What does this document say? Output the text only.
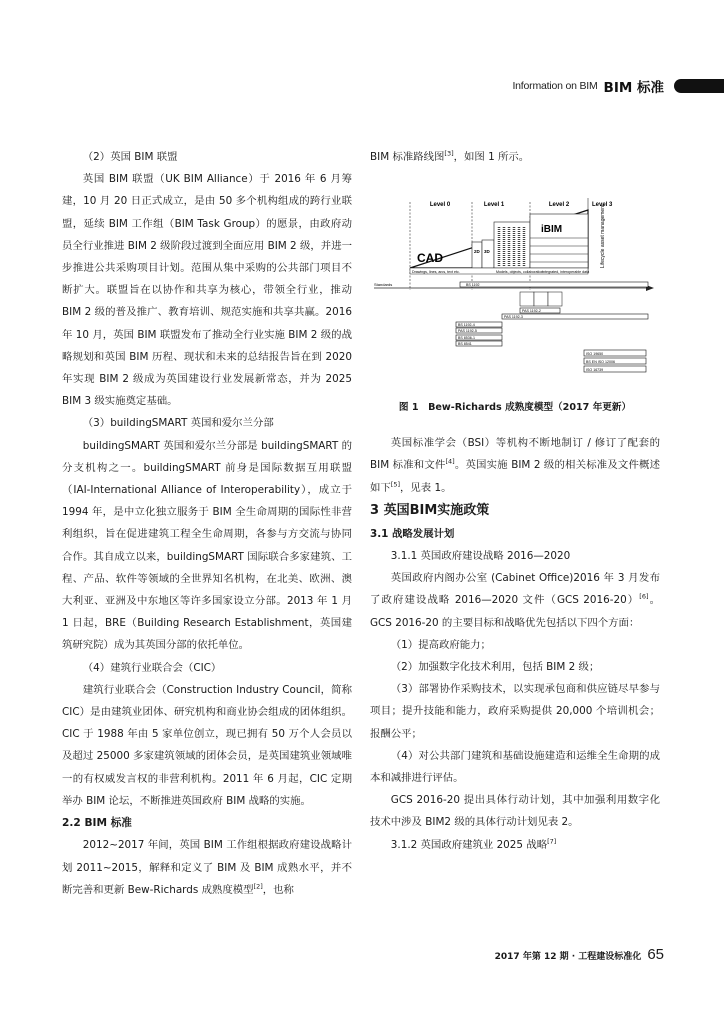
Information on BIM BIM 标准

（2）英国 BIM 联盟

英国 BIM 联盟（UK BIM Alliance）于 2016 年 6 月筹建，10 月 20 日正式成立，是由 50 多个机构组成的跨行业联盟，延续 BIM 工作组（BIM Task Group）的愿景，由政府动员全行业推进 BIM 2 级阶段过渡到全面应用 BIM 2 级，并进一步推进公共采购项目计划。范围从集中采购的公共部门项目不断扩大。联盟旨在以协作和共享为核心，带领全行业，推动 BIM 2 级的普及推广、教育培训、规范实施和共享共赢。2016 年 10 月，英国 BIM 联盟发布了推动全行业实施 BIM 2 级的战略规划和英国 BIM 历程、现状和未来的总结报告旨在到 2020 年实现 BIM 2 级成为英国建设行业发展新常态，并为 2025 BIM 3 级实施奠定基础。

（3）buildingSMART 英国和爱尔兰分部

buildingSMART 英国和爱尔兰分部是 buildingSMART 的分支机构之一。buildingSMART 前身是国际数据互用联盟（IAI-International Alliance of Interoperability），成立于 1994 年，是中立化独立服务于 BIM 全生命周期的国际性非营利组织，旨在促进建筑工程全生命周期，各参与方交流与协同合作。其自成立以来，buildingSMART 国际联合多家建筑、工程、产品、软件等领域的全世界知名机构，在北美、欧洲、澳大利亚、亚洲及中东地区等许多国家设立分部。2013 年 1 月 1 日起，BRE（Building Research Establishment，英国建筑研究院）成为其英国分部的依托单位。

（4）建筑行业联合会（CIC）

建筑行业联合会（Construction Industry Council，简称 CIC）是由建筑业团体、研究机构和商业协会组成的团体组织。CIC 于 1988 年由 5 家单位创立，现已拥有 50 万个人会员以及超过 25000 多家建筑领域的团体会员，是英国建筑业领域唯一的有权威发言权的非营利机构。2011 年 6 月起，CIC 定期举办 BIM 论坛，不断推进英国政府 BIM 战略的实施。

2.2 BIM 标准

2012~2017 年间，英国 BIM 工作组根据政府建设战略计划 2011~2015，解释和定义了 BIM 及 BIM 成熟水平，并不断完善和更新 Bew-Richards 成熟度模型[2]，也称

BIM 标准路线图[3]，如图 1 所示。

Level 0	Level 1	Level 2	Level 3
iBIM
CAD	2D 3D	Lifecycle asset management
Drawings, lines, arcs, text etc.	Models, objects, collaboration
Integrated, interoperable data
Standards	BS 1192
PAS 1192-2
PAS 1192-3
BS 1192-4
PAS 1192-5
BS 8536-1
BS 8541
ISO 19650
BS EN ISO 12006
ISO 16739
图 1　Bew-Richards 成熟度模型（2017 年更新）

英国标准学会（BSI）等机构不断地制订 / 修订了配套的 BIM 标准和文件[4]。英国实施 BIM 2 级的相关标准及文件概述如下[5]，见表 1。

3 英国BIM实施政策

3.1 战略发展计划

3.1.1 英国政府建设战略 2016—2020

英国政府内阁办公室 (Cabinet Office)2016 年 3 月发布了政府建设战略 2016—2020 文件（GCS 2016-20）[6]。GCS 2016-20 的主要目标和战略优先包括以下四个方面：

（1）提高政府能力；

（2）加强数字化技术利用，包括 BIM 2 级；

（3）部署协作采购技术，以实现承包商和供应链尽早参与项目；提升技能和能力，政府采购提供 20,000 个培训机会；报酬公平；

（4）对公共部门建筑和基础设施建造和运维全生命期的成本和减排进行评估。

GCS 2016-20 提出具体行动计划，其中加强利用数字化技术中涉及 BIM2 级的具体行动计划见表 2。

3.1.2 英国政府建筑业 2025 战略[7]

2017 年第 12 期 · 工程建设标准化 65
